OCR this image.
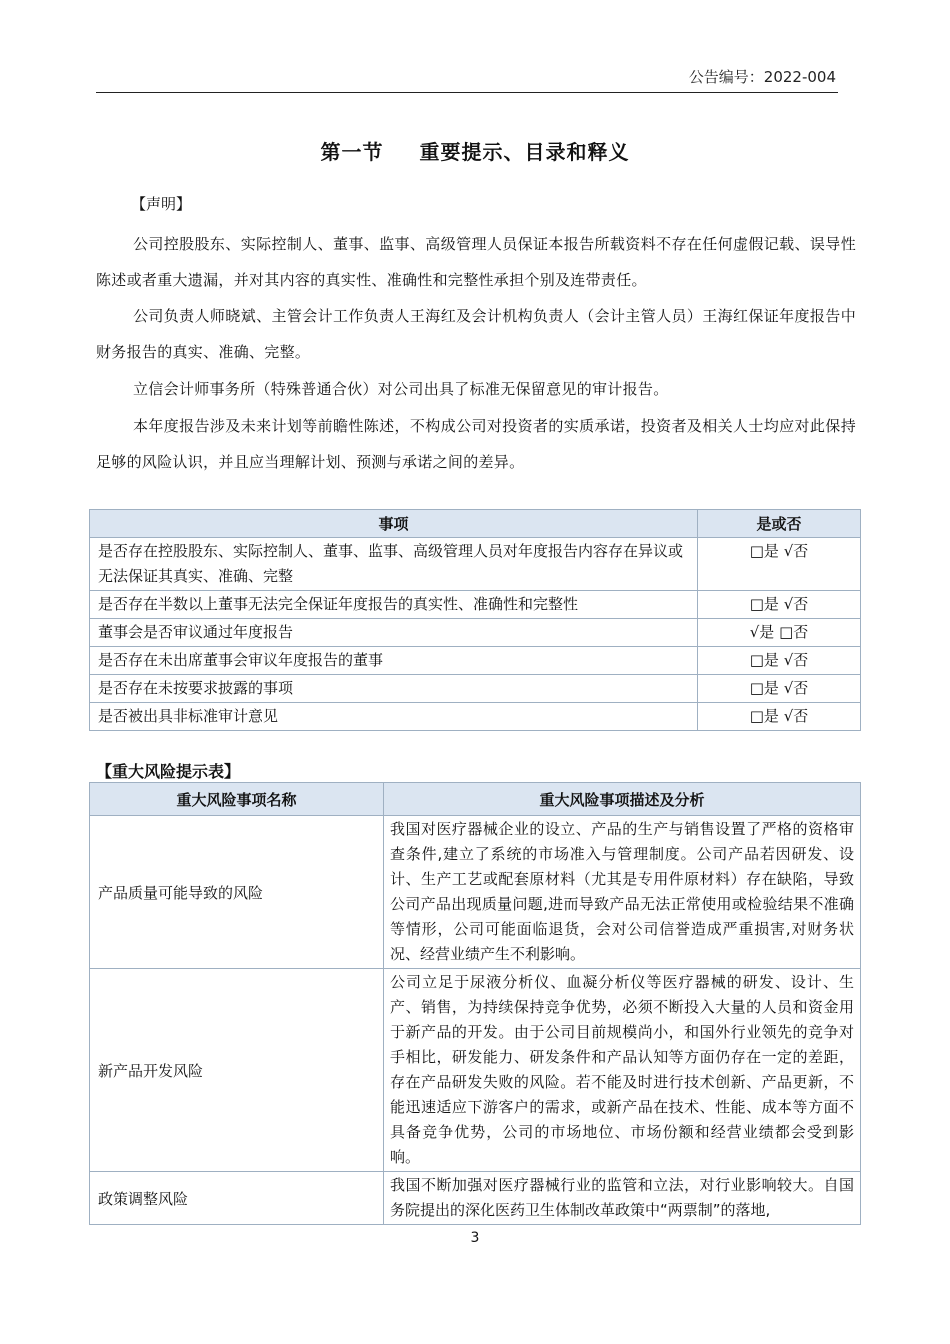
公告编号：2022-004
第一节 重要提示、目录和释义
【声明】
公司控股股东、实际控制人、董事、监事、高级管理人员保证本报告所载资料不存在任何虚假记载、误导性陈述或者重大遗漏，并对其内容的真实性、准确性和完整性承担个别及连带责任。
公司负责人师晓斌、主管会计工作负责人王海红及会计机构负责人（会计主管人员）王海红保证年度报告中财务报告的真实、准确、完整。
立信会计师事务所（特殊普通合伙）对公司出具了标准无保留意见的审计报告。
本年度报告涉及未来计划等前瞻性陈述，不构成公司对投资者的实质承诺，投资者及相关人士均应对此保持足够的风险认识，并且应当理解计划、预测与承诺之间的差异。
事项	是或否
是否存在控股股东、实际控制人、董事、监事、高级管理人员对年度报告内容存在异议或无法保证其真实、准确、完整	□是 √否
是否存在半数以上董事无法完全保证年度报告的真实性、准确性和完整性	□是 √否
董事会是否审议通过年度报告	√是 □否
是否存在未出席董事会审议年度报告的董事	□是 √否
是否存在未按要求披露的事项	□是 √否
是否被出具非标准审计意见	□是 √否
【重大风险提示表】
重大风险事项名称	重大风险事项描述及分析
产品质量可能导致的风险	我国对医疗器械企业的设立、产品的生产与销售设置了严格的资格审查条件,建立了系统的市场准入与管理制度。公司产品若因研发、设计、生产工艺或配套原材料（尤其是专用件原材料）存在缺陷，导致公司产品出现质量问题,进而导致产品无法正常使用或检验结果不准确等情形，公司可能面临退货，会对公司信誉造成严重损害,对财务状况、经营业绩产生不利影响。
新产品开发风险	公司立足于尿液分析仪、血凝分析仪等医疗器械的研发、设计、生产、销售，为持续保持竞争优势，必须不断投入大量的人员和资金用于新产品的开发。由于公司目前规模尚小，和国外行业领先的竞争对手相比，研发能力、研发条件和产品认知等方面仍存在一定的差距，存在产品研发失败的风险。若不能及时进行技术创新、产品更新，不能迅速适应下游客户的需求，或新产品在技术、性能、成本等方面不具备竞争优势，公司的市场地位、市场份额和经营业绩都会受到影响。
政策调整风险	我国不断加强对医疗器械行业的监管和立法，对行业影响较大。自国务院提出的深化医药卫生体制改革政策中“两票制”的落地,
3
